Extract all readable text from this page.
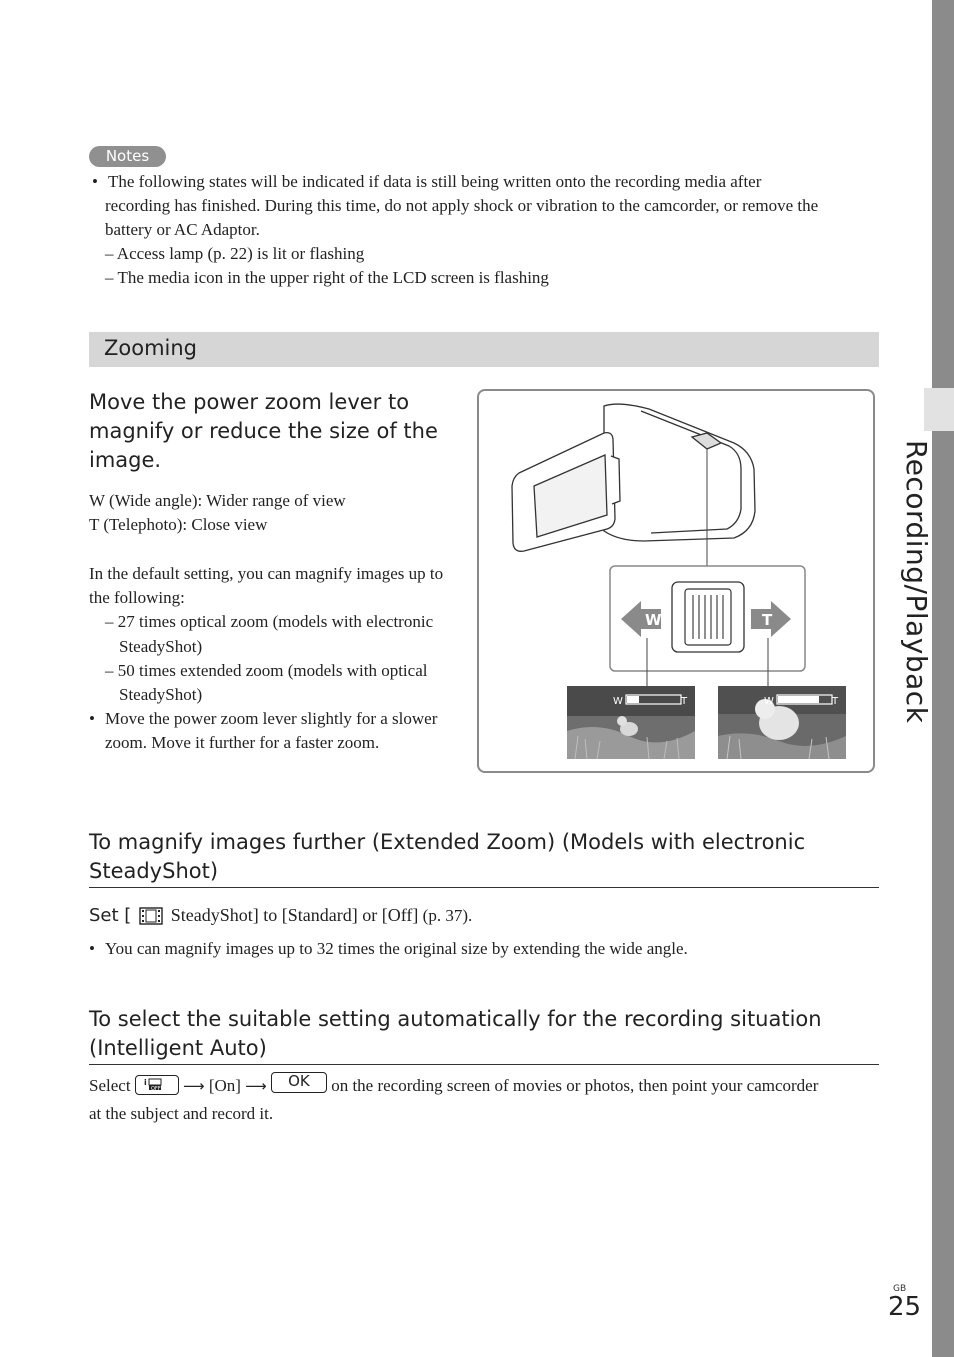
Recording/Playback
Notes
• The following states will be indicated if data is still being written onto the recording media after
recording has finished. During this time, do not apply shock or vibration to the camcorder, or remove the
battery or AC Adaptor.
– Access lamp (p. 22) is lit or flashing
– The media icon in the upper right of the LCD screen is flashing
Zooming
Move the power zoom lever to magnify or reduce the size of the image.
W (Wide angle): Wider range of view
T (Telephoto): Close view
In the default setting, you can magnify images up to the following:
– 27 times optical zoom (models with electronic
SteadyShot)
– 50 times extended zoom (models with optical
SteadyShot)
• Move the power zoom lever slightly for a slower
zoom. Move it further for a faster zoom.
W	T
W	T	W	T
To magnify images further (Extended Zoom) (Models with electronic
SteadyShot)
Set [ SteadyShot] to [Standard] or [Off] (p. 37).
• You can magnify images up to 32 times the original size by extending the wide angle.
To select the suitable setting automatically for the recording situation
(Intelligent Auto)
Select i
OFF ⟶ [On] ⟶ OK on the recording screen of movies or photos, then point your camcorder
at the subject and record it.
GB
25
